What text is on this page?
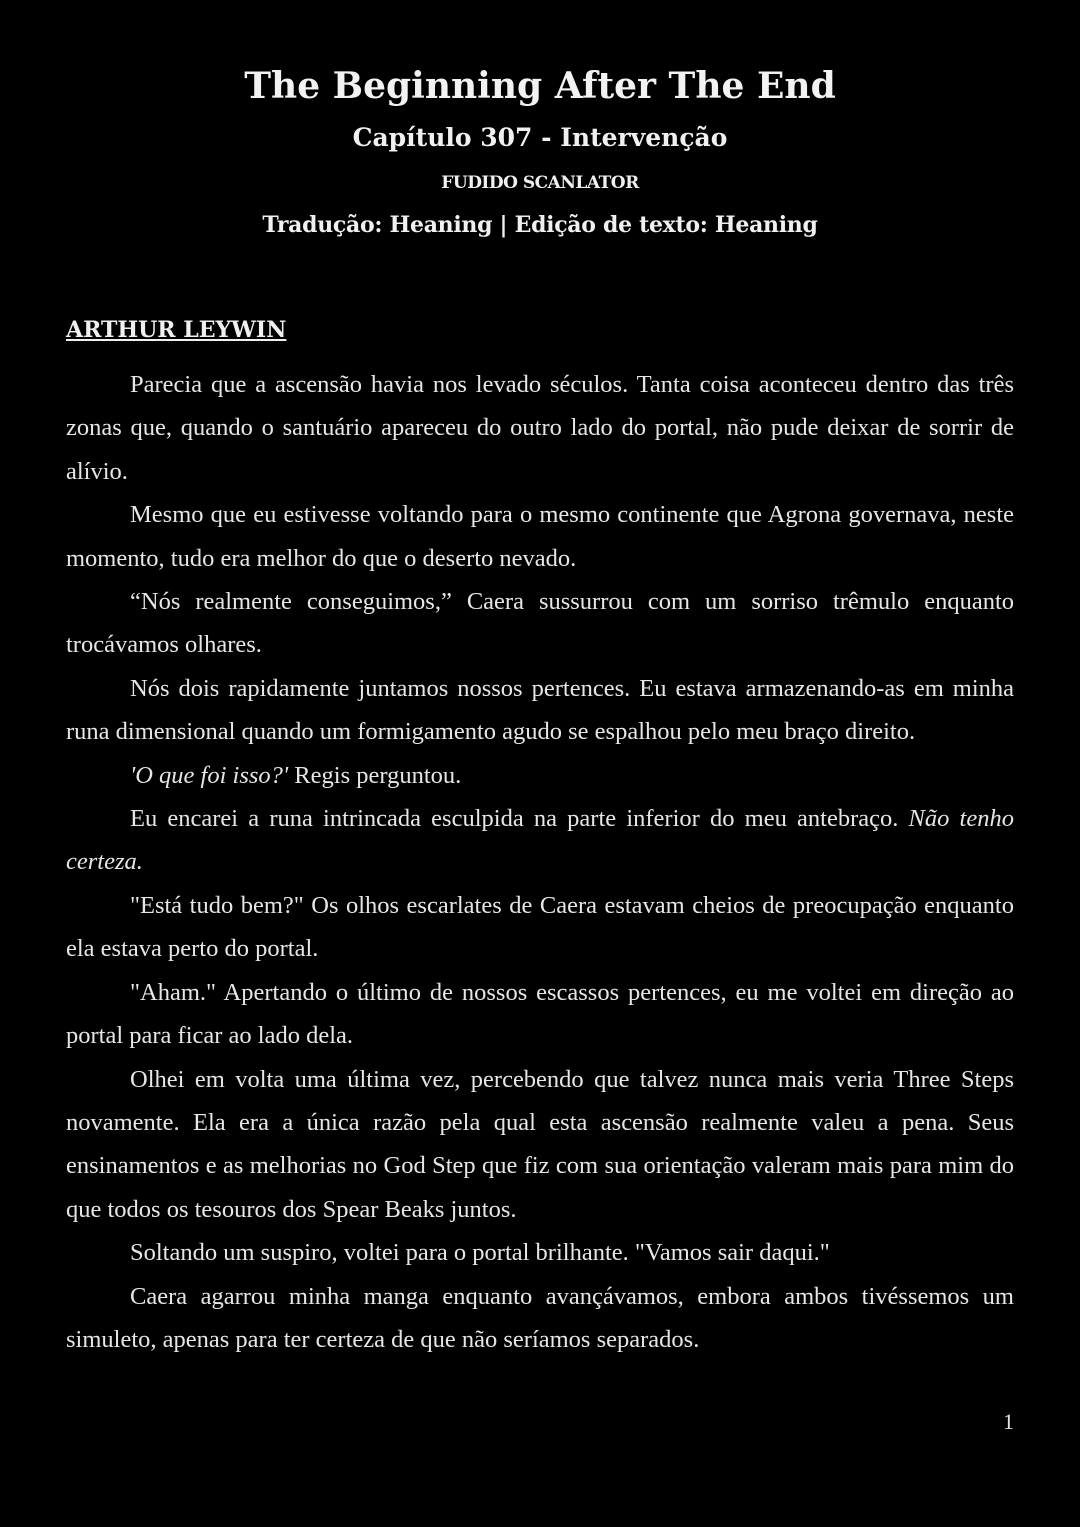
The Beginning After The End
Capítulo 307 - Intervenção
FUDIDO SCANLATOR
Tradução: Heaning | Edição de texto: Heaning
ARTHUR LEYWIN

Parecia que a ascensão havia nos levado séculos. Tanta coisa aconteceu dentro das três zonas que, quando o santuário apareceu do outro lado do portal, não pude deixar de sorrir de alívio.

Mesmo que eu estivesse voltando para o mesmo continente que Agrona governava, neste momento, tudo era melhor do que o deserto nevado.

“Nós realmente conseguimos,” Caera sussurrou com um sorriso trêmulo enquanto trocávamos olhares.

Nós dois rapidamente juntamos nossos pertences. Eu estava armazenando-as em minha runa dimensional quando um formigamento agudo se espalhou pelo meu braço direito.

'O que foi isso?' Regis perguntou.

Eu encarei a runa intrincada esculpida na parte inferior do meu antebraço. Não tenho certeza.

"Está tudo bem?" Os olhos escarlates de Caera estavam cheios de preocupação enquanto ela estava perto do portal.

"Aham." Apertando o último de nossos escassos pertences, eu me voltei em direção ao portal para ficar ao lado dela.

Olhei em volta uma última vez, percebendo que talvez nunca mais veria Three Steps novamente. Ela era a única razão pela qual esta ascensão realmente valeu a pena. Seus ensinamentos e as melhorias no God Step que fiz com sua orientação valeram mais para mim do que todos os tesouros dos Spear Beaks juntos.

Soltando um suspiro, voltei para o portal brilhante. "Vamos sair daqui."

Caera agarrou minha manga enquanto avançávamos, embora ambos tivéssemos um simuleto, apenas para ter certeza de que não seríamos separados.

1
